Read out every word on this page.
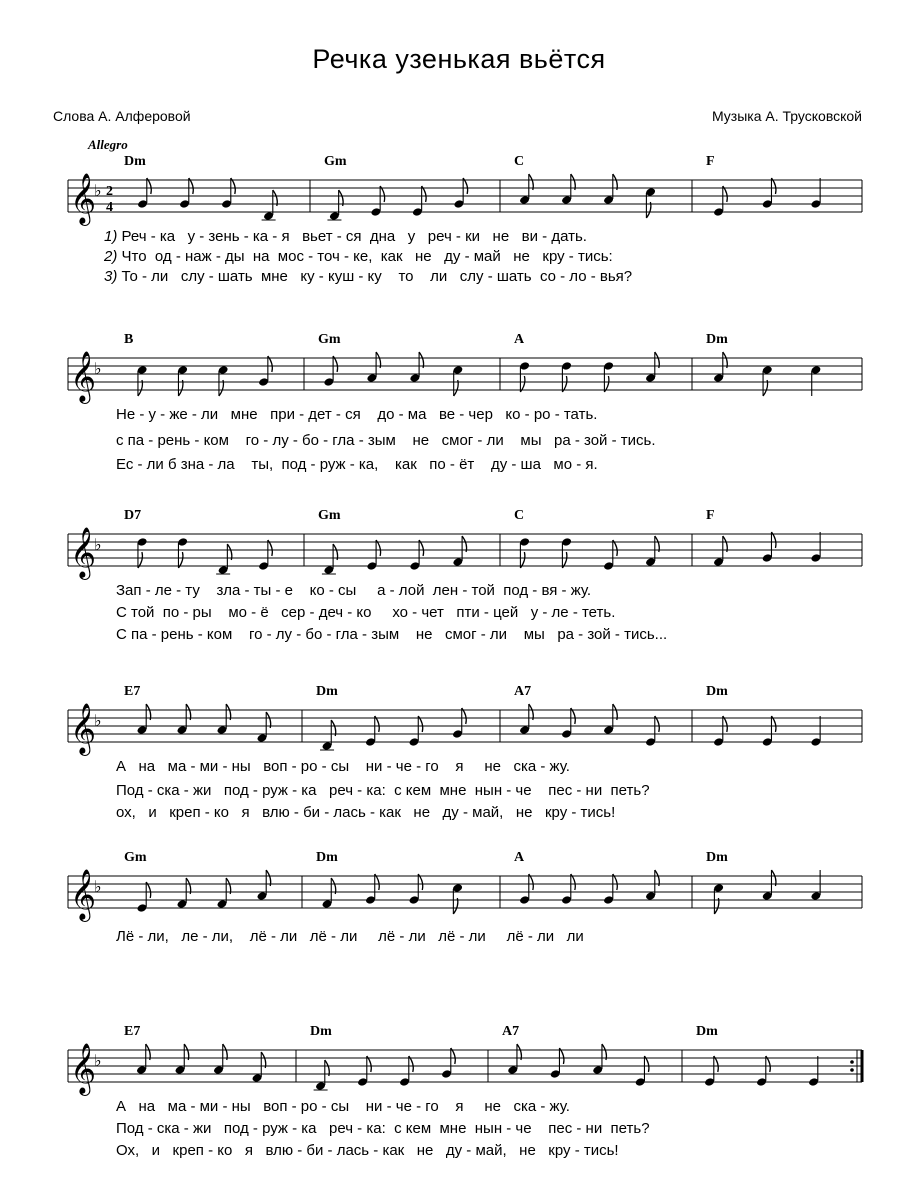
Речка узенькая вьётся
Слова А. Алферовой	Музыка А. Трусковской
Allegro
𝄞
♭ 2
4
𝄞
♭
𝄞
♭
𝄞
♭
𝄞
♭
𝄞
♭
Dm	Gm	C	F
1) Реч - ка   у - зень - ка - я   вьет - ся  дна   у   реч - ки   не   ви - дать.
2) Что  од - наж - ды  на  мос - точ - ке,  как   не   ду - май   не   кру - тись:
3) То - ли   слу - шать  мне   ку - куш - ку    то    ли   слу - шать  со - ло - вья?
B	Gm	A	Dm
Не - у - же - ли   мне   при - дет - ся    до - ма   ве - чер   ко - ро - тать.
с па - рень - ком    го - лу - бо - гла - зым    не   смог - ли    мы   ра - зой - тись.
Ес - ли б зна - ла    ты,  под - руж - ка,    как   по - ёт    ду - ша   мо - я.
D7	Gm	C	F
Зап - ле - ту    зла - ты - е    ко - сы     а - лой  лен - той  под - вя - жу.
С той  по - ры    мо - ё   сер - деч - ко     хо - чет   пти - цей   у - ле - теть.
С па - рень - ком    го - лу - бо - гла - зым    не   смог - ли    мы   ра - зой - тись...
E7	Dm	A7	Dm
А   на   ма - ми - ны   воп - ро - сы    ни - че - го    я     не   ска - жу.
Под - ска - жи   под - руж - ка   реч - ка:  с кем  мне  нын - че    пес - ни  петь?
ох,   и   креп - ко   я   влю - би - лась - как   не   ду - май,   не   кру - тись!
Gm	Dm	A	Dm
Лё - ли,   ле - ли,    лё - ли   лё - ли     лё - ли   лё - ли     лё - ли   ли
E7	Dm	A7	Dm
А   на   ма - ми - ны   воп - ро - сы    ни - че - го    я     не   ска - жу.
Под - ска - жи   под - руж - ка   реч - ка:  с кем  мне  нын - че    пес - ни  петь?
Ох,   и   креп - ко   я   влю - би - лась - как   не   ду - май,   не   кру - тись!
